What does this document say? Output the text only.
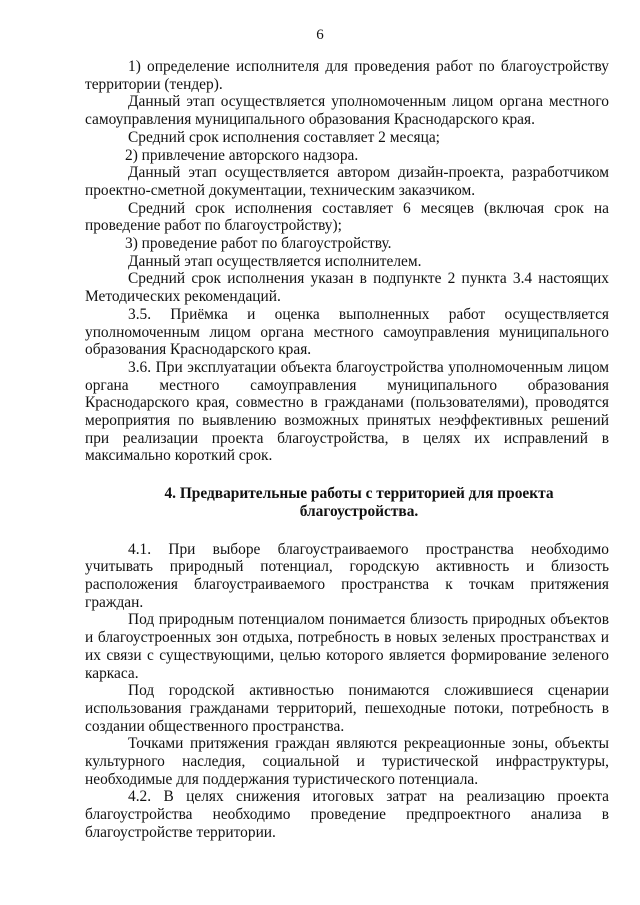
6

1) определение исполнителя для проведения работ по благоустройству территории (тендер).

Данный этап осуществляется уполномоченным лицом органа местного самоуправления муниципального образования Краснодарского края.

Средний срок исполнения составляет 2 месяца;

2) привлечение авторского надзора.

Данный этап осуществляется автором дизайн-проекта, разработчиком проектно-сметной документации, техническим заказчиком.

Средний срок исполнения составляет 6 месяцев (включая срок на проведение работ по благоустройству);

3) проведение работ по благоустройству.

Данный этап осуществляется исполнителем.

Средний срок исполнения указан в подпункте 2 пункта 3.4 настоящих Методических рекомендаций.

3.5. Приёмка и оценка выполненных работ осуществляется уполномоченным лицом органа местного самоуправления муниципального образования Краснодарского края.

3.6. При эксплуатации объекта благоустройства уполномоченным лицом органа местного самоуправления муниципального образования Краснодарского края, совместно в гражданами (пользователями), проводятся мероприятия по выявлению возможных принятых неэффективных решений при реализации проекта благоустройства, в целях их исправлений в максимально короткий срок.

4. Предварительные работы с территорией для проекта
благоустройства.

4.1. При выборе благоустраиваемого пространства необходимо учитывать природный потенциал, городскую активность и близость расположения благоустраиваемого пространства к точкам притяжения граждан.

Под природным потенциалом понимается близость природных объектов и благоустроенных зон отдыха, потребность в новых зеленых пространствах и их связи с существующими, целью которого является формирование зеленого каркаса.

Под городской активностью понимаются сложившиеся сценарии использования гражданами территорий, пешеходные потоки, потребность в создании общественного пространства.

Точками притяжения граждан являются рекреационные зоны, объекты культурного наследия, социальной и туристической инфраструктуры, необходимые для поддержания туристического потенциала.

4.2. В целях снижения итоговых затрат на реализацию проекта благоустройства необходимо проведение предпроектного анализа в благоустройстве территории.
